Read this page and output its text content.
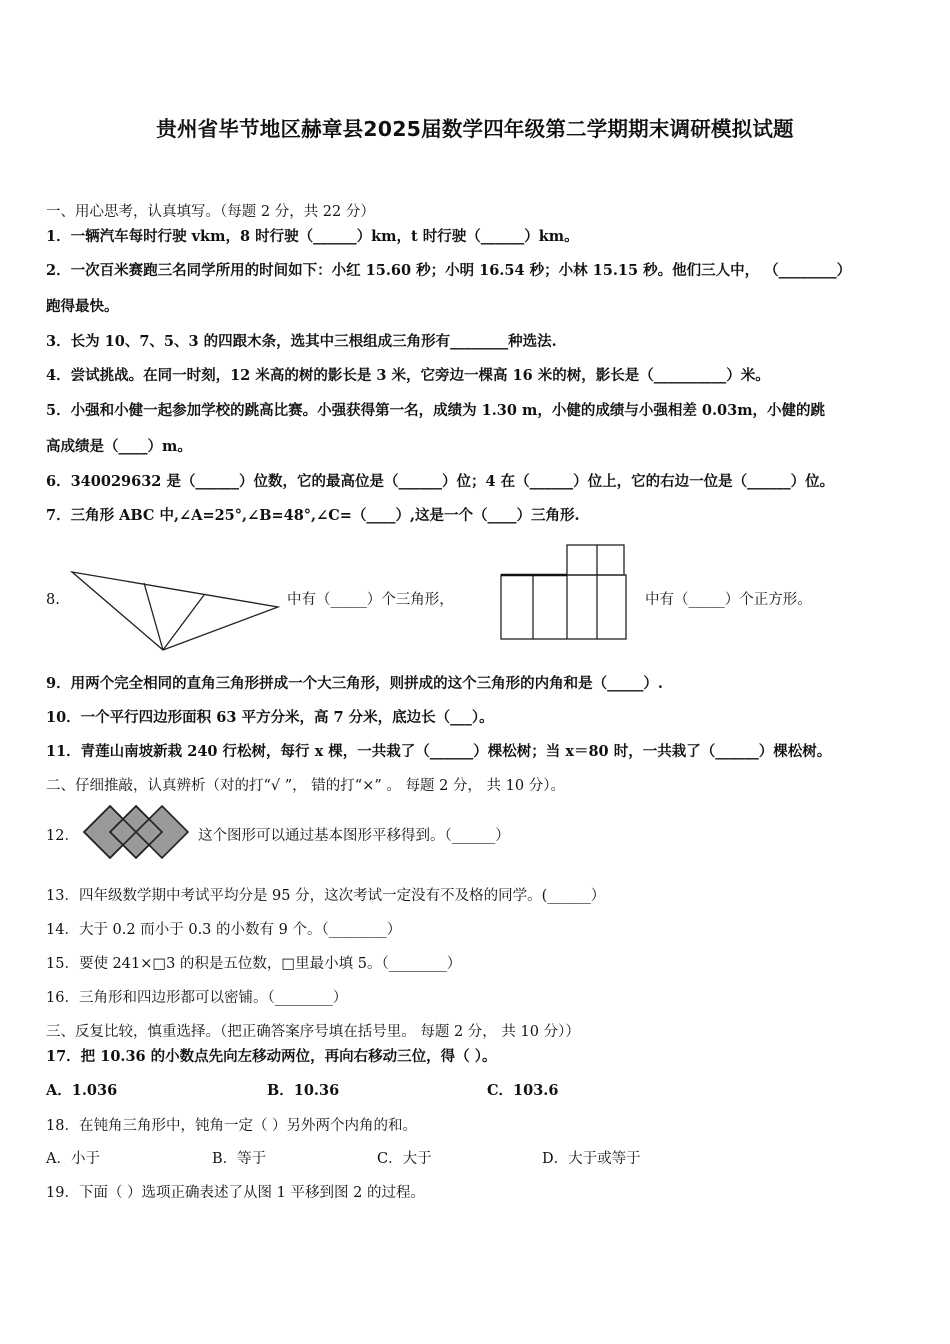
贵州省毕节地区赫章县2025届数学四年级第二学期期末调研模拟试题
一、用心思考，认真填写。（每题 2 分，共 22 分）
1．一辆汽车每时行驶 vkm，8 时行驶（______）km，t 时行驶（______）km。
2．一次百米赛跑三名同学所用的时间如下：小红 15.60 秒；小明 16.54 秒；小林 15.15 秒。他们三人中， （________）
跑得最快。
3．长为 10、7、5、3 的四跟木条，选其中三根组成三角形有________种选法.
4．尝试挑战。在同一时刻，12 米高的树的影长是 3 米，它旁边一棵高 16 米的树，影长是（__________）米。
5．小强和小健一起参加学校的跳高比赛。小强获得第一名，成绩为 1.30 m，小健的成绩与小强相差 0.03m，小健的跳
高成绩是（____）m。
6．340029632 是（______）位数，它的最高位是（______）位；4 在（______）位上，它的右边一位是（______）位。
7．三角形 ABC 中,∠A=25°,∠B=48°,∠C=（____）,这是一个（____）三角形.
8.	中有（_____）个三角形，	中有（_____）个正方形。
9．用两个完全相同的直角三角形拼成一个大三角形，则拼成的这个三角形的内角和是（_____）.
10．一个平行四边形面积 63 平方分米，高 7 分米，底边长（___）。
11．青莲山南坡新栽 240 行松树，每行 x 棵，一共栽了（______）棵松树；当 x＝80 时，一共栽了（______）棵松树。
二、仔细推敲，认真辨析（对的打“√ ”， 错的打“×” 。 每题 2 分， 共 10 分）。
12．	这个图形可以通过基本图形平移得到。（______）
13．四年级数学期中考试平均分是 95 分，这次考试一定没有不及格的同学。(______）
14．大于 0.2 而小于 0.3 的小数有 9 个。（________）
15．要使 241×□3 的积是五位数，□里最小填 5。（________）
16．三角形和四边形都可以密铺。（________）
三、反复比较，慎重选择。（把正确答案序号填在括号里。 每题 2 分， 共 10 分））
17．把 10.36 的小数点先向左移动两位，再向右移动三位，得（ ）。
A．1.036	B．10.36	C．103.6
18．在钝角三角形中，钝角一定（ ）另外两个内角的和。
A．小于	B．等于	C．大于	D．大于或等于
19．下面（ ）选项正确表述了从图 1 平移到图 2 的过程。
